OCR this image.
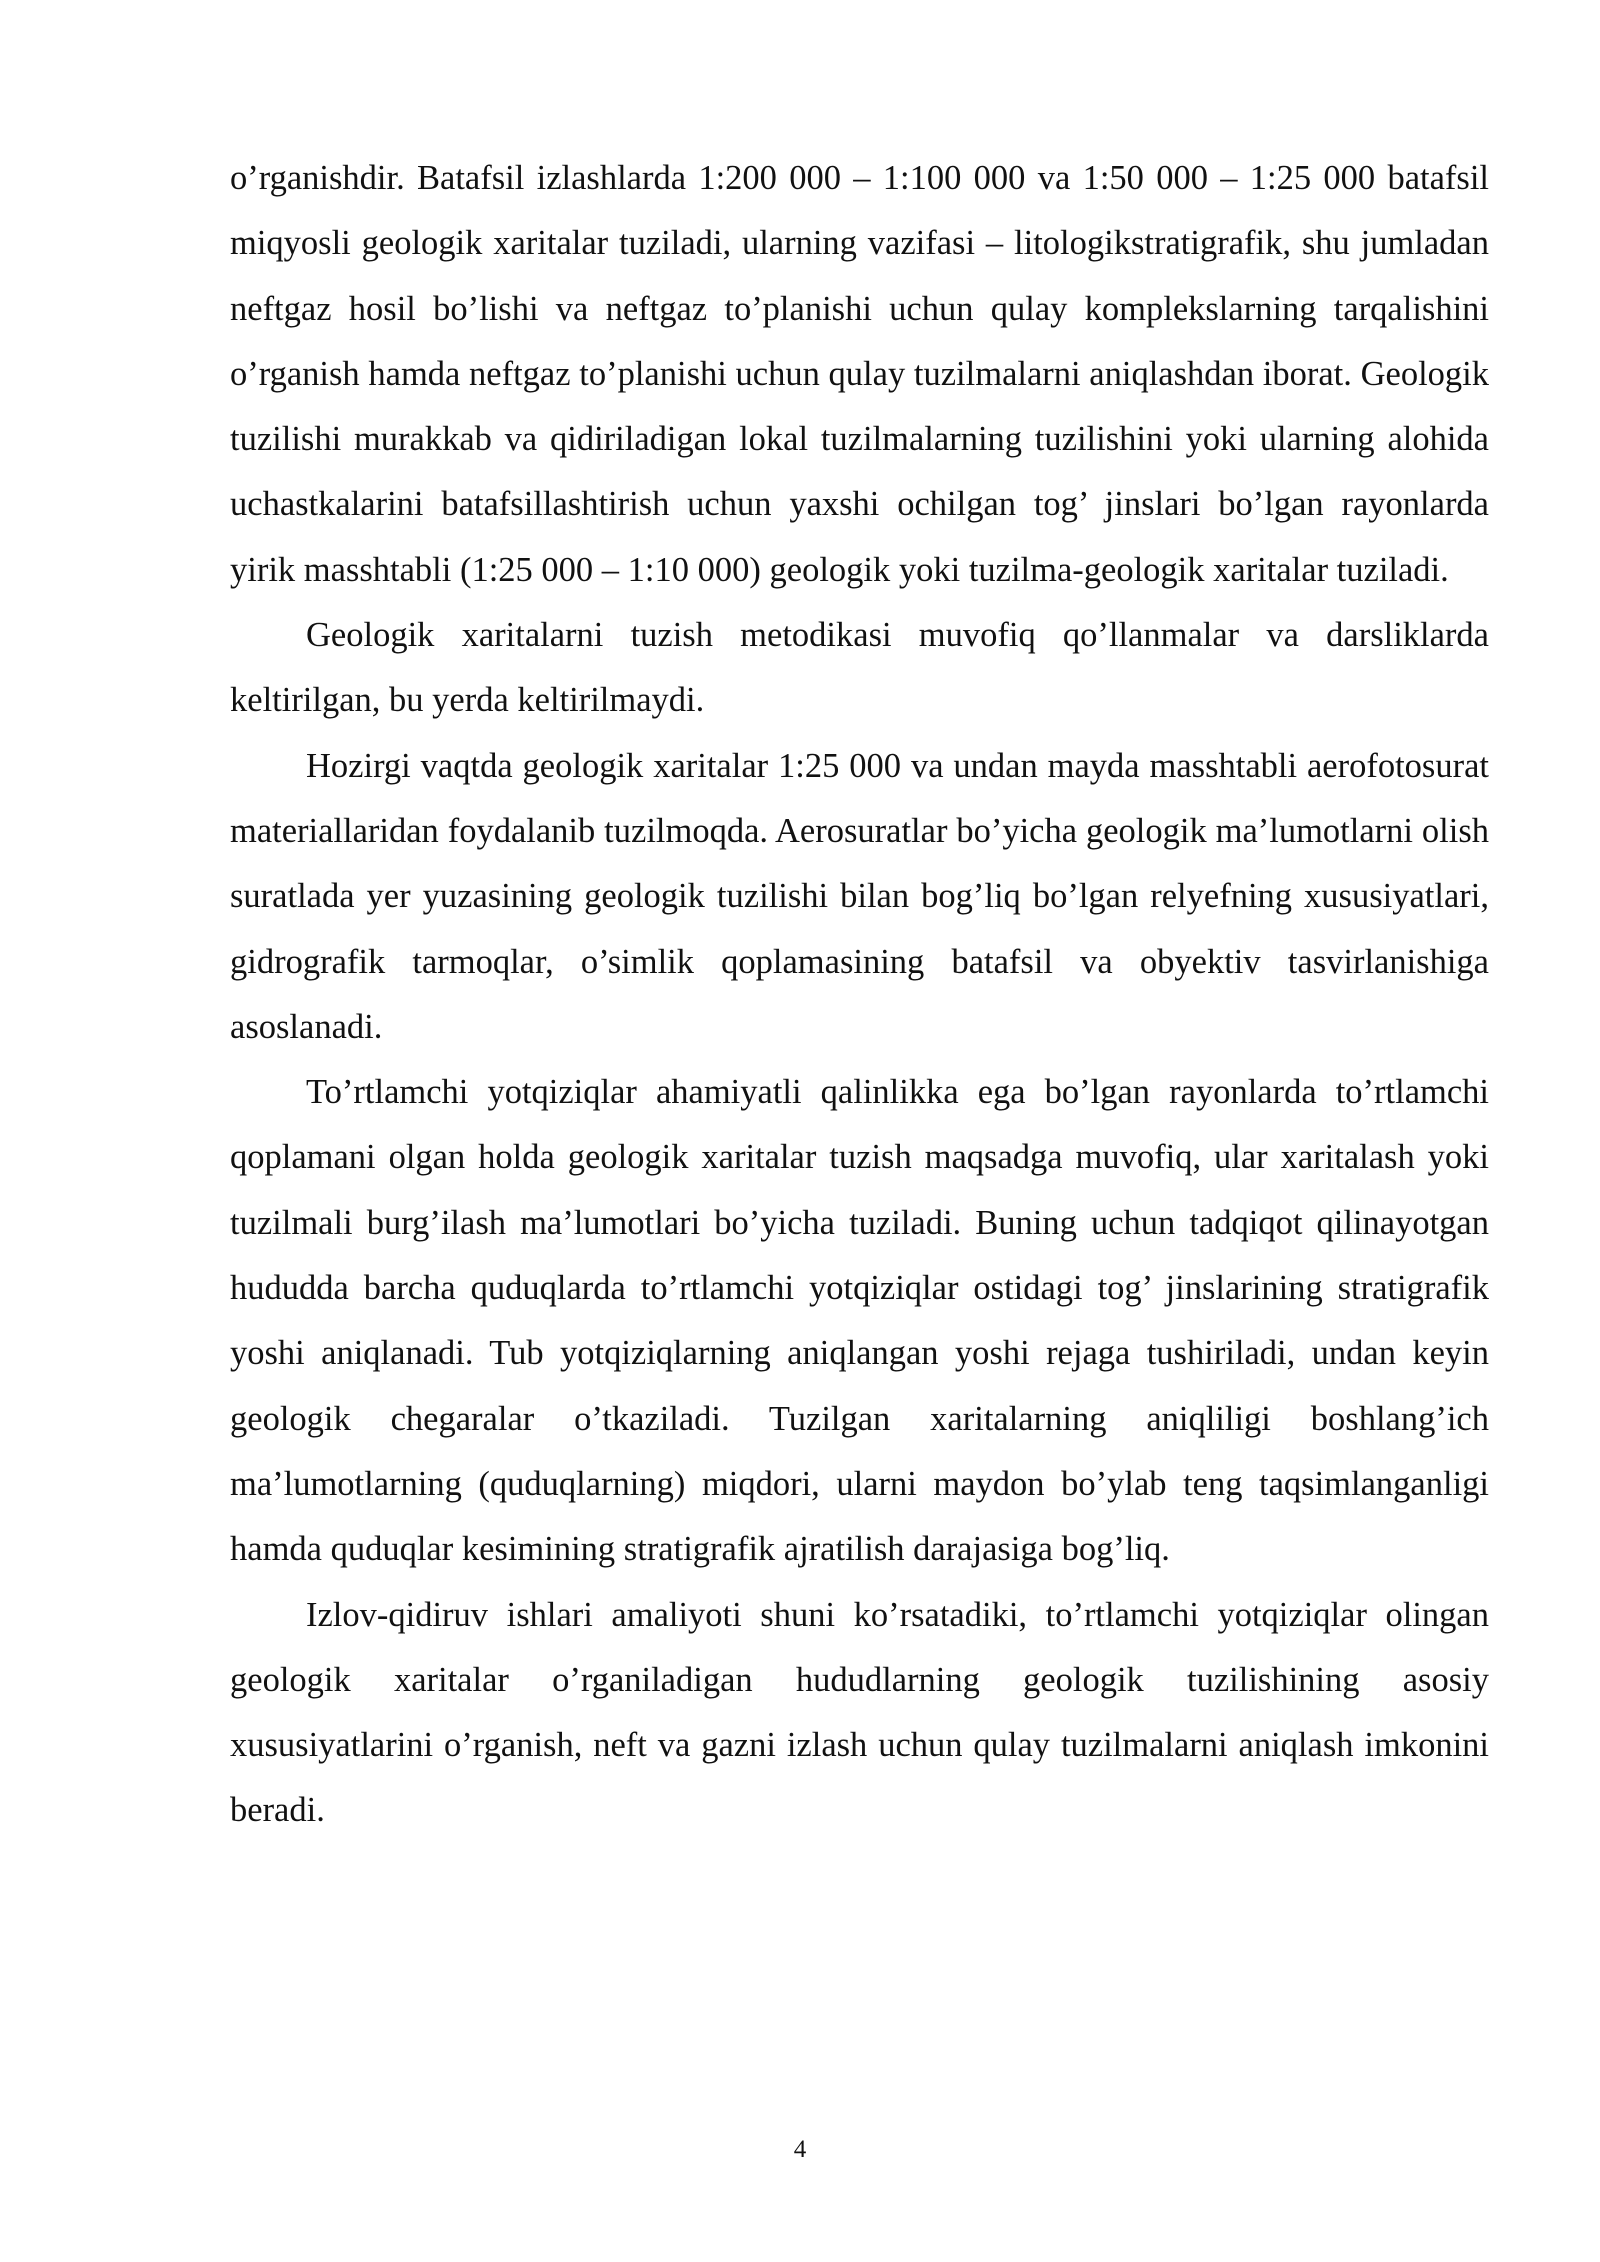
o’rganishdir. Batafsil izlashlarda 1:200 000 – 1:100 000 va 1:50 000 – 1:25 000 batafsil miqyosli geologik xaritalar tuziladi, ularning vazifasi – litologikstratigrafik, shu jumladan neftgaz hosil bo’lishi va neftgaz to’planishi uchun qulay komplekslarning tarqalishini o’rganish hamda neftgaz to’planishi uchun qulay tuzilmalarni aniqlashdan iborat. Geologik tuzilishi murakkab va qidiriladigan lokal tuzilmalarning tuzilishini yoki ularning alohida uchastkalarini batafsillashtirish uchun yaxshi ochilgan tog’ jinslari bo’lgan rayonlarda yirik masshtabli (1:25 000 – 1:10 000) geologik yoki tuzilma-geologik xaritalar tuziladi.

Geologik xaritalarni tuzish metodikasi muvofiq qo’llanmalar va darsliklarda keltirilgan, bu yerda keltirilmaydi.

Hozirgi vaqtda geologik xaritalar 1:25 000 va undan mayda masshtabli aerofotosurat materiallaridan foydalanib tuzilmoqda. Aerosuratlar bo’yicha geologik ma’lumotlarni olish suratlada yer yuzasining geologik tuzilishi bilan bog’liq bo’lgan relyefning xususiyatlari, gidrografik tarmoqlar, o’simlik qoplamasining batafsil va obyektiv tasvirlanishiga asoslanadi.

To’rtlamchi yotqiziqlar ahamiyatli qalinlikka ega bo’lgan rayonlarda to’rtlamchi qoplamani olgan holda geologik xaritalar tuzish maqsadga muvofiq, ular xaritalash yoki tuzilmali burg’ilash ma’lumotlari bo’yicha tuziladi. Buning uchun tadqiqot qilinayotgan hududda barcha quduqlarda to’rtlamchi yotqiziqlar ostidagi tog’ jinslarining stratigrafik yoshi aniqlanadi. Tub yotqiziqlarning aniqlangan yoshi rejaga tushiriladi, undan keyin geologik chegaralar o’tkaziladi. Tuzilgan xaritalarning aniqliligi boshlang’ich ma’lumotlarning (quduqlarning) miqdori, ularni maydon bo’ylab teng taqsimlanganligi hamda quduqlar kesimining stratigrafik ajratilish darajasiga bog’liq.

Izlov-qidiruv ishlari amaliyoti shuni ko’rsatadiki, to’rtlamchi yotqiziqlar olingan geologik xaritalar o’rganiladigan hududlarning geologik tuzilishining asosiy xususiyatlarini o’rganish, neft va gazni izlash uchun qulay tuzilmalarni aniqlash imkonini beradi.

4
